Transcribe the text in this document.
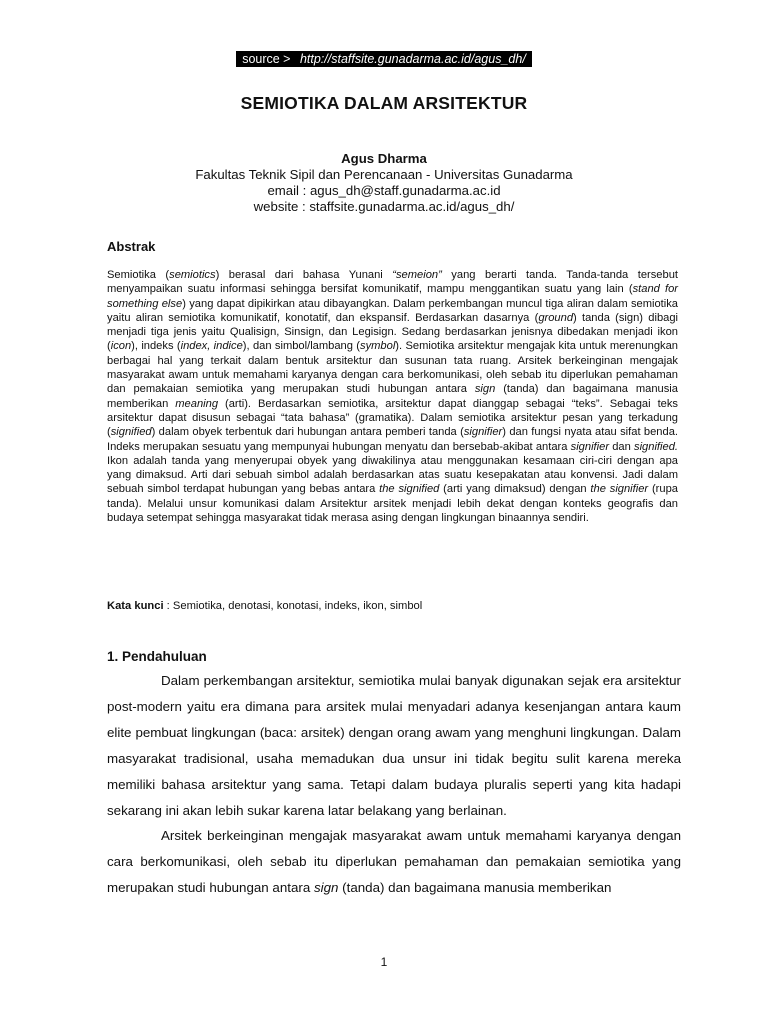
source > http://staffsite.gunadarma.ac.id/agus_dh/
SEMIOTIKA DALAM ARSITEKTUR
Agus Dharma
Fakultas Teknik Sipil dan Perencanaan - Universitas Gunadarma
email : agus_dh@staff.gunadarma.ac.id
website : staffsite.gunadarma.ac.id/agus_dh/
Abstrak

Semiotika (semiotics) berasal dari bahasa Yunani “semeion” yang berarti tanda. Tanda-tanda tersebut menyampaikan suatu informasi sehingga bersifat komunikatif, mampu menggantikan suatu yang lain (stand for something else) yang dapat dipikirkan atau dibayangkan. Dalam perkembangan muncul tiga aliran dalam semiotika yaitu aliran semiotika komunikatif, konotatif, dan ekspansif. Berdasarkan dasarnya (ground) tanda (sign) dibagi menjadi tiga jenis yaitu Qualisign, Sinsign, dan Legisign. Sedang berdasarkan jenisnya dibedakan menjadi ikon (icon), indeks (index, indice), dan simbol/lambang (symbol). Semiotika arsitektur mengajak kita untuk merenungkan berbagai hal yang terkait dalam bentuk arsitektur dan susunan tata ruang. Arsitek berkeinginan mengajak masyarakat awam untuk memahami karyanya dengan cara berkomunikasi, oleh sebab itu diperlukan pemahaman dan pemakaian semiotika yang merupakan studi hubungan antara sign (tanda) dan bagaimana manusia memberikan meaning (arti). Berdasarkan semiotika, arsitektur dapat dianggap sebagai “teks”. Sebagai teks arsitektur dapat disusun sebagai “tata bahasa” (gramatika). Dalam semiotika arsitektur pesan yang terkadung (signified) dalam obyek terbentuk dari hubungan antara pemberi tanda (signifier) dan fungsi nyata atau sifat benda. Indeks merupakan sesuatu yang mempunyai hubungan menyatu dan bersebab-akibat antara signifier dan signified. Ikon adalah tanda yang menyerupai obyek yang diwakilinya atau menggunakan kesamaan ciri-ciri dengan apa yang dimaksud. Arti dari sebuah simbol adalah berdasarkan atas suatu kesepakatan atau konvensi. Jadi dalam sebuah simbol terdapat hubungan yang bebas antara the signified (arti yang dimaksud) dengan the signifier (rupa tanda). Melalui unsur komunikasi dalam Arsitektur arsitek menjadi lebih dekat dengan konteks geografis dan budaya setempat sehingga masyarakat tidak merasa asing dengan lingkungan binaannya sendiri.

Kata kunci : Semiotika, denotasi, konotasi, indeks, ikon, simbol
1. Pendahuluan

Dalam perkembangan arsitektur, semiotika mulai banyak digunakan sejak era arsitektur post-modern yaitu era dimana para arsitek mulai menyadari adanya kesenjangan antara kaum elite pembuat lingkungan (baca: arsitek) dengan orang awam yang menghuni lingkungan. Dalam masyarakat tradisional, usaha memadukan dua unsur ini tidak begitu sulit karena mereka memiliki bahasa arsitektur yang sama. Tetapi dalam budaya pluralis seperti yang kita hadapi sekarang ini akan lebih sukar karena latar belakang yang berlainan.

Arsitek berkeinginan mengajak masyarakat awam untuk memahami karyanya dengan cara berkomunikasi, oleh sebab itu diperlukan pemahaman dan pemakaian semiotika yang merupakan studi hubungan antara sign (tanda) dan bagaimana manusia memberikan

1
